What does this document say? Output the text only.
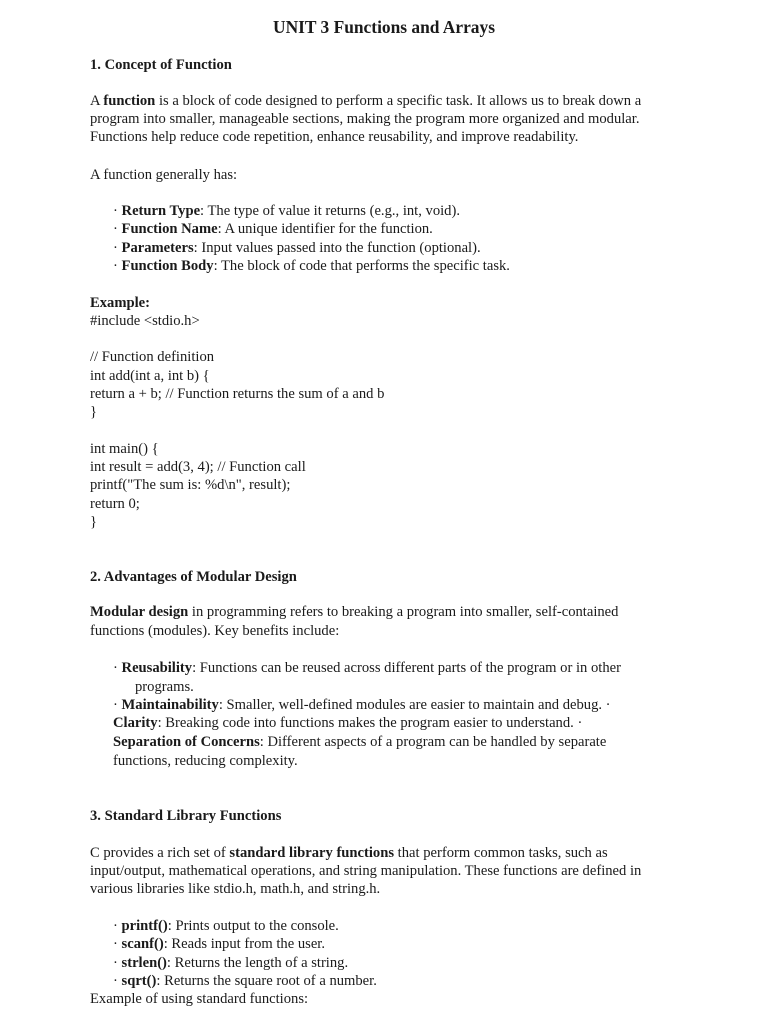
UNIT 3 Functions and Arrays
1. Concept of Function
A function is a block of code designed to perform a specific task. It allows us to break down a
program into smaller, manageable sections, making the program more organized and modular.
Functions help reduce code repetition, enhance reusability, and improve readability.
A function generally has:
· Return Type: The type of value it returns (e.g., int, void).
· Function Name: A unique identifier for the function.
· Parameters: Input values passed into the function (optional).
· Function Body: The block of code that performs the specific task.
Example:
#include <stdio.h>
// Function definition
int add(int a, int b) {
return a + b; // Function returns the sum of a and b
}
int main() {
int result = add(3, 4); // Function call
printf("The sum is: %d\n", result);
return 0;
}
2. Advantages of Modular Design
Modular design in programming refers to breaking a program into smaller, self-contained
functions (modules). Key benefits include:
· Reusability: Functions can be reused across different parts of the program or in other
programs.
· Maintainability: Smaller, well-defined modules are easier to maintain and debug. ·
Clarity: Breaking code into functions makes the program easier to understand. ·
Separation of Concerns: Different aspects of a program can be handled by separate
functions, reducing complexity.
3. Standard Library Functions
C provides a rich set of standard library functions that perform common tasks, such as
input/output, mathematical operations, and string manipulation. These functions are defined in
various libraries like stdio.h, math.h, and string.h.
· printf(): Prints output to the console.
· scanf(): Reads input from the user.
· strlen(): Returns the length of a string.
· sqrt(): Returns the square root of a number.
Example of using standard functions:
